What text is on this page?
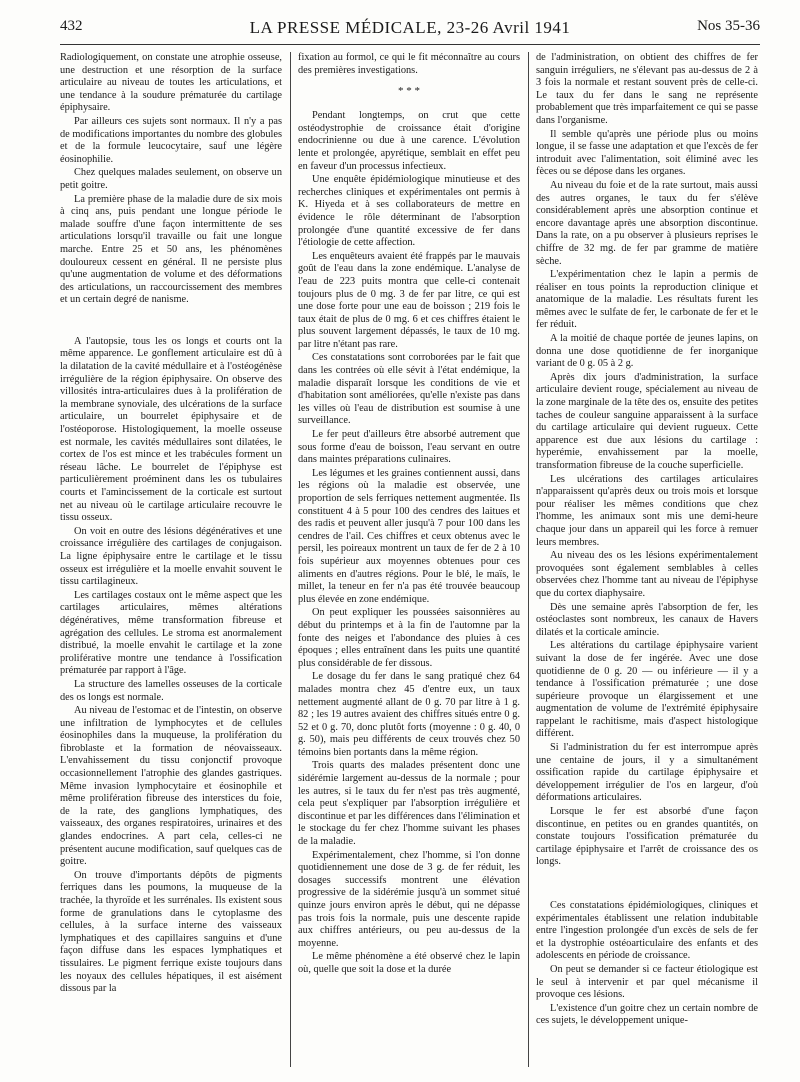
LA PRESSE MÉDICALE, 23-26 Avril 1941
432	Nos 35-36

Radiologiquement, on constate une atrophie osseuse, une destruction et une résorption de la surface articulaire au niveau de toutes les articulations, et une tendance à la soudure prématurée du cartilage épiphysaire.

Par ailleurs ces sujets sont normaux. Il n'y a pas de modifications importantes du nombre des globules et de la formule leucocytaire, sauf une légère éosinophilie.

Chez quelques malades seulement, on observe un petit goitre.

La première phase de la maladie dure de six mois à cinq ans, puis pendant une longue période le malade souffre d'une façon intermittente de ses articulations lorsqu'il travaille ou fait une longue marche. Entre 25 et 50 ans, les phénomènes douloureux cessent en général. Il ne persiste plus qu'une augmentation de volume et des déformations des articulations, un raccourcissement des membres et un certain degré de nanisme.

A l'autopsie, tous les os longs et courts ont la même apparence. Le gonflement articulaire est dû à la dilatation de la cavité médullaire et à l'ostéogénèse irrégulière de la région épiphysaire. On observe des villosités intra-articulaires dues à la prolifération de la membrane synoviale, des ulcérations de la surface articulaire, un bourrelet épiphysaire et de l'ostéoporose. Histologiquement, la moelle osseuse est normale, les cavités médullaires sont dilatées, le cortex de l'os est mince et les trabécules forment un réseau lâche. Le bourrelet de l'épiphyse est particulièrement proéminent dans les os tubulaires courts et l'amincissement de la corticale est surtout net au niveau où le cartilage articulaire recouvre le tissu osseux.

On voit en outre des lésions dégénératives et une croissance irrégulière des cartilages de conjugaison. La ligne épiphysaire entre le cartilage et le tissu osseux est irrégulière et la moelle envahit souvent le tissu cartilagineux.

Les cartilages costaux ont le même aspect que les cartilages articulaires, mêmes altérations dégénératives, même transformation fibreuse et agrégation des cellules. Le stroma est anormalement distribué, la moelle envahit le cartilage et la zone proliférative montre une tendance à l'ossification prématurée par rapport à l'âge.

La structure des lamelles osseuses de la corticale des os longs est normale.

Au niveau de l'estomac et de l'intestin, on observe une infiltration de lymphocytes et de cellules éosinophiles dans la muqueuse, la prolifération du fibroblaste et la formation de néovaisseaux. L'envahissement du tissu conjonctif provoque occasionnellement l'atrophie des glandes gastriques. Même invasion lymphocytaire et éosinophile et même prolifération fibreuse des interstices du foie, de la rate, des ganglions lymphatiques, des vaisseaux, des organes respiratoires, urinaires et des glandes endocrines. A part cela, celles-ci ne présentent aucune modification, sauf quelques cas de goitre.

On trouve d'importants dépôts de pigments ferriques dans les poumons, la muqueuse de la trachée, la thyroïde et les surrénales. Ils existent sous forme de granulations dans le cytoplasme des cellules, à la surface interne des vaisseaux lymphatiques et des capillaires sanguins et d'une façon diffuse dans les espaces lymphatiques et tissulaires. Le pigment ferrique existe toujours dans les noyaux des cellules hépatiques, il est aisément dissous par la

fixation au formol, ce qui le fit méconnaître au cours des premières investigations.

* * *

Pendant longtemps, on crut que cette ostéodystrophie de croissance était d'origine endocrinienne ou due à une carence. L'évolution lente et prolongée, apyrétique, semblait en effet peu en faveur d'un processus infectieux.

Une enquête épidémiologique minutieuse et des recherches cliniques et expérimentales ont permis à K. Hiyeda et à ses collaborateurs de mettre en évidence le rôle déterminant de l'absorption prolongée d'une quantité excessive de fer dans l'étiologie de cette affection.

Les enquêteurs avaient été frappés par le mauvais goût de l'eau dans la zone endémique. L'analyse de l'eau de 223 puits montra que celle-ci contenait toujours plus de 0 mg. 3 de fer par litre, ce qui est une dose forte pour une eau de boisson ; 219 fois le taux était de plus de 0 mg. 6 et ces chiffres étaient le plus souvent largement dépassés, le taux de 10 mg. par litre n'étant pas rare.

Ces constatations sont corroborées par le fait que dans les contrées où elle sévit à l'état endémique, la maladie disparaît lorsque les conditions de vie et d'habitation sont améliorées, qu'elle n'existe pas dans les villes où l'eau de distribution est soumise à une surveillance.

Le fer peut d'ailleurs être absorbé autrement que sous forme d'eau de boisson, l'eau servant en outre dans maintes préparations culinaires.

Les légumes et les graines contiennent aussi, dans les régions où la maladie est observée, une proportion de sels ferriques nettement augmentée. Ils constituent 4 à 5 pour 100 des cendres des laitues et des radis et peuvent aller jusqu'à 7 pour 100 dans les cendres de l'ail. Ces chiffres et ceux obtenus avec le persil, les poireaux montrent un taux de fer de 2 à 10 fois supérieur aux moyennes obtenues pour ces aliments en d'autres régions. Pour le blé, le maïs, le millet, la teneur en fer n'a pas été trouvée beaucoup plus élevée en zone endémique.

On peut expliquer les poussées saisonnières au début du printemps et à la fin de l'automne par la fonte des neiges et l'abondance des pluies à ces époques ; elles entraînent dans les puits une quantité plus considérable de fer dissous.

Le dosage du fer dans le sang pratiqué chez 64 malades montra chez 45 d'entre eux, un taux nettement augmenté allant de 0 g. 70 par litre à 1 g. 82 ; les 19 autres avaient des chiffres situés entre 0 g. 52 et 0 g. 70, donc plutôt forts (moyenne : 0 g. 40, 0 g. 50), mais peu différents de ceux trouvés chez 50 témoins bien portants dans la même région.

Trois quarts des malades présentent donc une sidérémie largement au-dessus de la normale ; pour les autres, si le taux du fer n'est pas très augmenté, cela peut s'expliquer par l'absorption irrégulière et discontinue et par les différences dans l'élimination et le stockage du fer chez l'homme suivant les phases de la maladie.

Expérimentalement, chez l'homme, si l'on donne quotidiennement une dose de 3 g. de fer réduit, les dosages successifs montrent une élévation progressive de la sidérémie jusqu'à un sommet situé quinze jours environ après le début, qui ne dépasse pas trois fois la normale, puis une descente rapide aux chiffres antérieurs, ou peu au-dessus de la moyenne.

Le même phénomène a été observé chez le lapin où, quelle que soit la dose et la durée

de l'administration, on obtient des chiffres de fer sanguin irréguliers, ne s'élevant pas au-dessus de 2 à 3 fois la normale et restant souvent près de celle-ci. Le taux du fer dans le sang ne représente probablement que très imparfaitement ce qui se passe dans l'organisme.

Il semble qu'après une période plus ou moins longue, il se fasse une adaptation et que l'excès de fer introduit avec l'alimentation, soit éliminé avec les fèces ou se dépose dans les organes.

Au niveau du foie et de la rate surtout, mais aussi des autres organes, le taux du fer s'élève considérablement après une absorption continue et encore davantage après une absorption discontinue. Dans la rate, on a pu observer à plusieurs reprises le chiffre de 32 mg. de fer par gramme de matière sèche.

L'expérimentation chez le lapin a permis de réaliser en tous points la reproduction clinique et anatomique de la maladie. Les résultats furent les mêmes avec le sulfate de fer, le carbonate de fer et le fer réduit.

A la moitié de chaque portée de jeunes lapins, on donna une dose quotidienne de fer inorganique variant de 0 g. 05 à 2 g.

Après dix jours d'administration, la surface articulaire devient rouge, spécialement au niveau de la zone marginale de la tête des os, ensuite des petites taches de couleur sanguine apparaissent à la surface du cartilage articulaire qui devient rugueux. Cette apparence est due aux lésions du cartilage : hyperémie, envahissement par la moelle, transformation fibreuse de la couche superficielle.

Les ulcérations des cartilages articulaires n'apparaissent qu'après deux ou trois mois et lorsque pour réaliser les mêmes conditions que chez l'homme, les animaux sont mis une demi-heure chaque jour dans un appareil qui les force à remuer leurs membres.

Au niveau des os les lésions expérimentalement provoquées sont également semblables à celles observées chez l'homme tant au niveau de l'épiphyse que du cortex diaphysaire.

Dès une semaine après l'absorption de fer, les ostéoclastes sont nombreux, les canaux de Havers dilatés et la corticale amincie.

Les altérations du cartilage épiphysaire varient suivant la dose de fer ingérée. Avec une dose quotidienne de 0 g. 20 — ou inférieure — il y a tendance à l'ossification prématurée ; une dose supérieure provoque un élargissement et une augmentation de volume de l'extrémité épiphysaire rappelant le rachitisme, mais d'aspect histologique différent.

Si l'administration du fer est interrompue après une centaine de jours, il y a simultanément ossification rapide du cartilage épiphysaire et développement irrégulier de l'os en largeur, d'où déformations articulaires.

Lorsque le fer est absorbé d'une façon discontinue, en petites ou en grandes quantités, on constate toujours l'ossification prématurée du cartilage épiphysaire et l'arrêt de croissance des os longs.

Ces constatations épidémiologiques, cliniques et expérimentales établissent une relation indubitable entre l'ingestion prolongée d'un excès de sels de fer et la dystrophie ostéoarticulaire des enfants et des adolescents en période de croissance.

On peut se demander si ce facteur étiologique est le seul à intervenir et par quel mécanisme il provoque ces lésions.

L'existence d'un goitre chez un certain nombre de ces sujets, le développement unique-
